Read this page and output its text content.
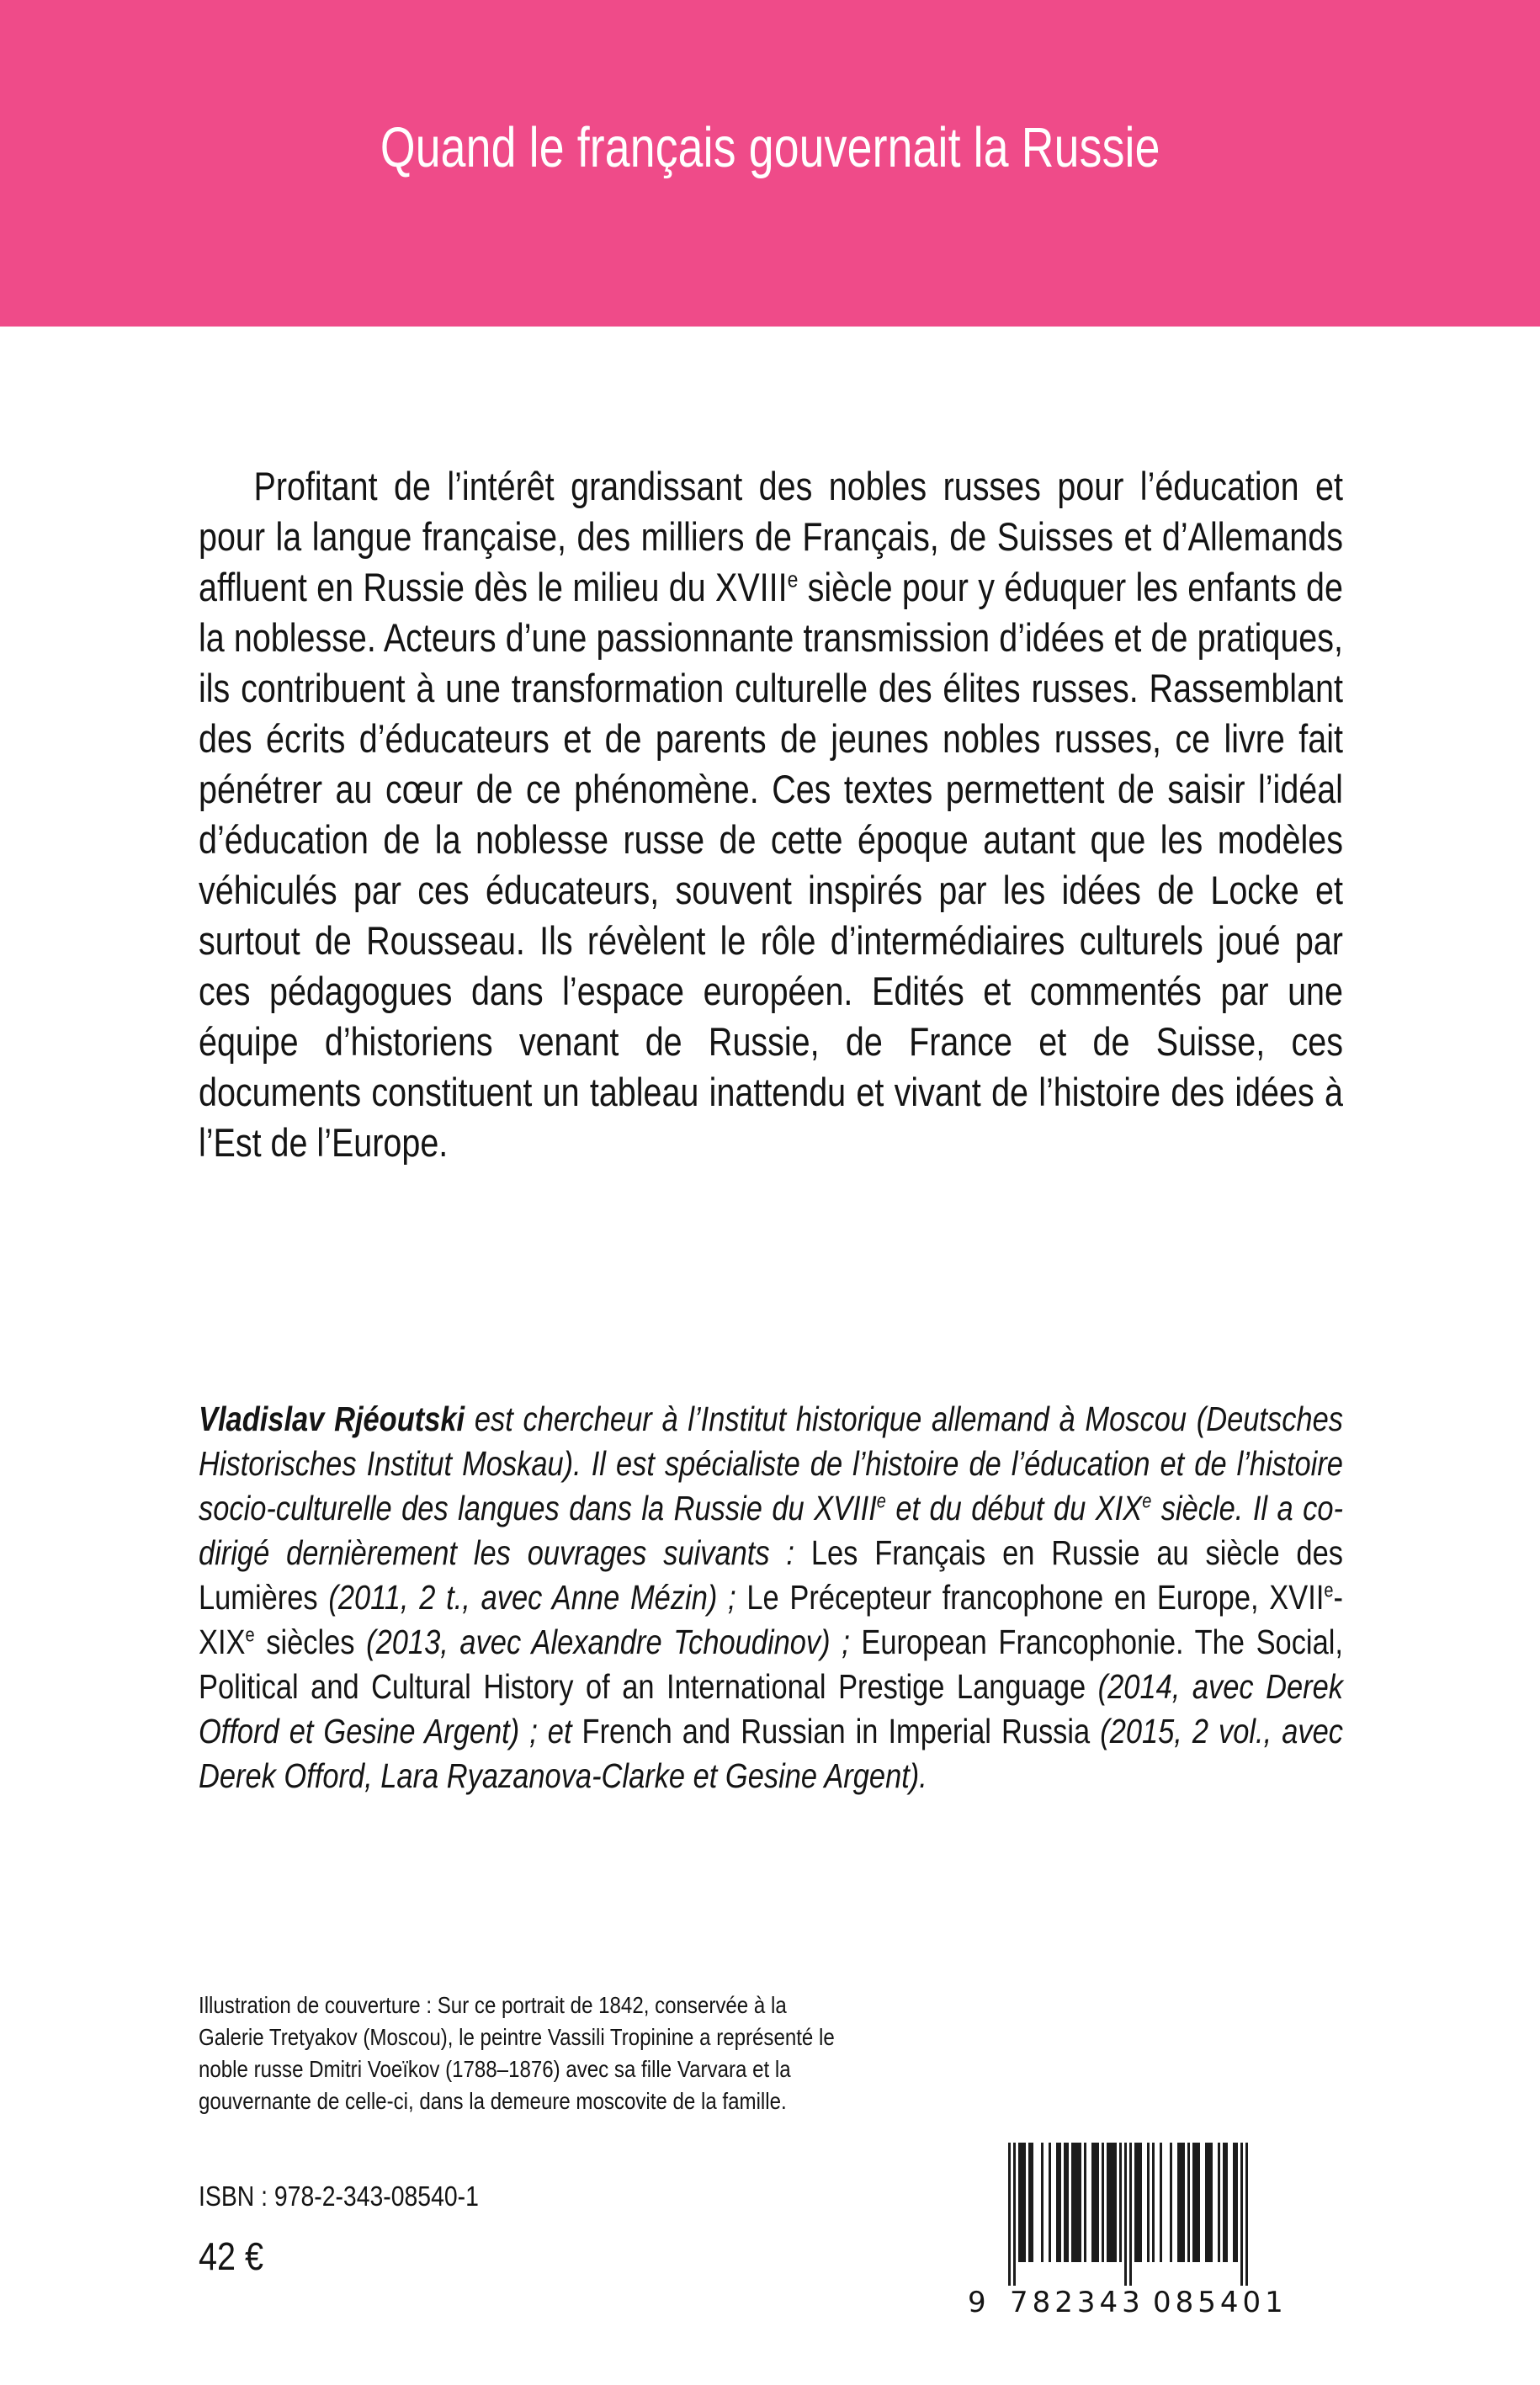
Quand le français gouvernait la Russie
Profitant de l’intérêt grandissant des nobles russes pour l’éducation et pour la langue française, des milliers de Français, de Suisses et d’Allemands affluent en Russie dès le milieu du XVIIIe siècle pour y éduquer les enfants de la noblesse. Acteurs d’une passionnante transmission d’idées et de pratiques, ils contribuent à une transformation culturelle des élites russes. Rassemblant des écrits d’éducateurs et de parents de jeunes nobles russes, ce livre fait pénétrer au cœur de ce phénomène. Ces textes permettent de saisir l’idéal d’éducation de la noblesse russe de cette époque autant que les modèles véhiculés par ces éducateurs, souvent inspirés par les idées de Locke et surtout de Rousseau. Ils révèlent le rôle d’intermédiaires culturels joué par ces pédagogues dans l’espace européen. Edités et commentés par une équipe d’historiens venant de Russie, de France et de Suisse, ces documents constituent un tableau inattendu et vivant de l’histoire des idées à l’Est de l’Europe.
Vladislav Rjéoutski est chercheur à l’Institut historique allemand à Moscou (Deutsches Historisches Institut Moskau). Il est spécialiste de l’histoire de l’éducation et de l’histoire socio-culturelle des langues dans la Russie du XVIIIe et du début du XIXe siècle. Il a co-dirigé dernièrement les ouvrages suivants : Les Français en Russie au siècle des Lumières (2011, 2 t., avec Anne Mézin) ; Le Précepteur francophone en Europe, XVIIe-XIXe siècles (2013, avec Alexandre Tchoudinov) ; European Francophonie. The Social, Political and Cultural History of an International Prestige Language (2014, avec Derek Offord et Gesine Argent) ; et French and Russian in Imperial Russia (2015, 2 vol., avec Derek Offord, Lara Ryazanova-Clarke et Gesine Argent).
Illustration de couverture : Sur ce portrait de 1842, conservée à la Galerie Tretyakov (Moscou), le peintre Vassili Tropinine a représenté le noble russe Dmitri Voeïkov (1788–1876) avec sa fille Varvara et la gouvernante de celle-ci, dans la demeure moscovite de la famille.
ISBN : 978-2-343-08540-1
42 €
9 782343 085401
